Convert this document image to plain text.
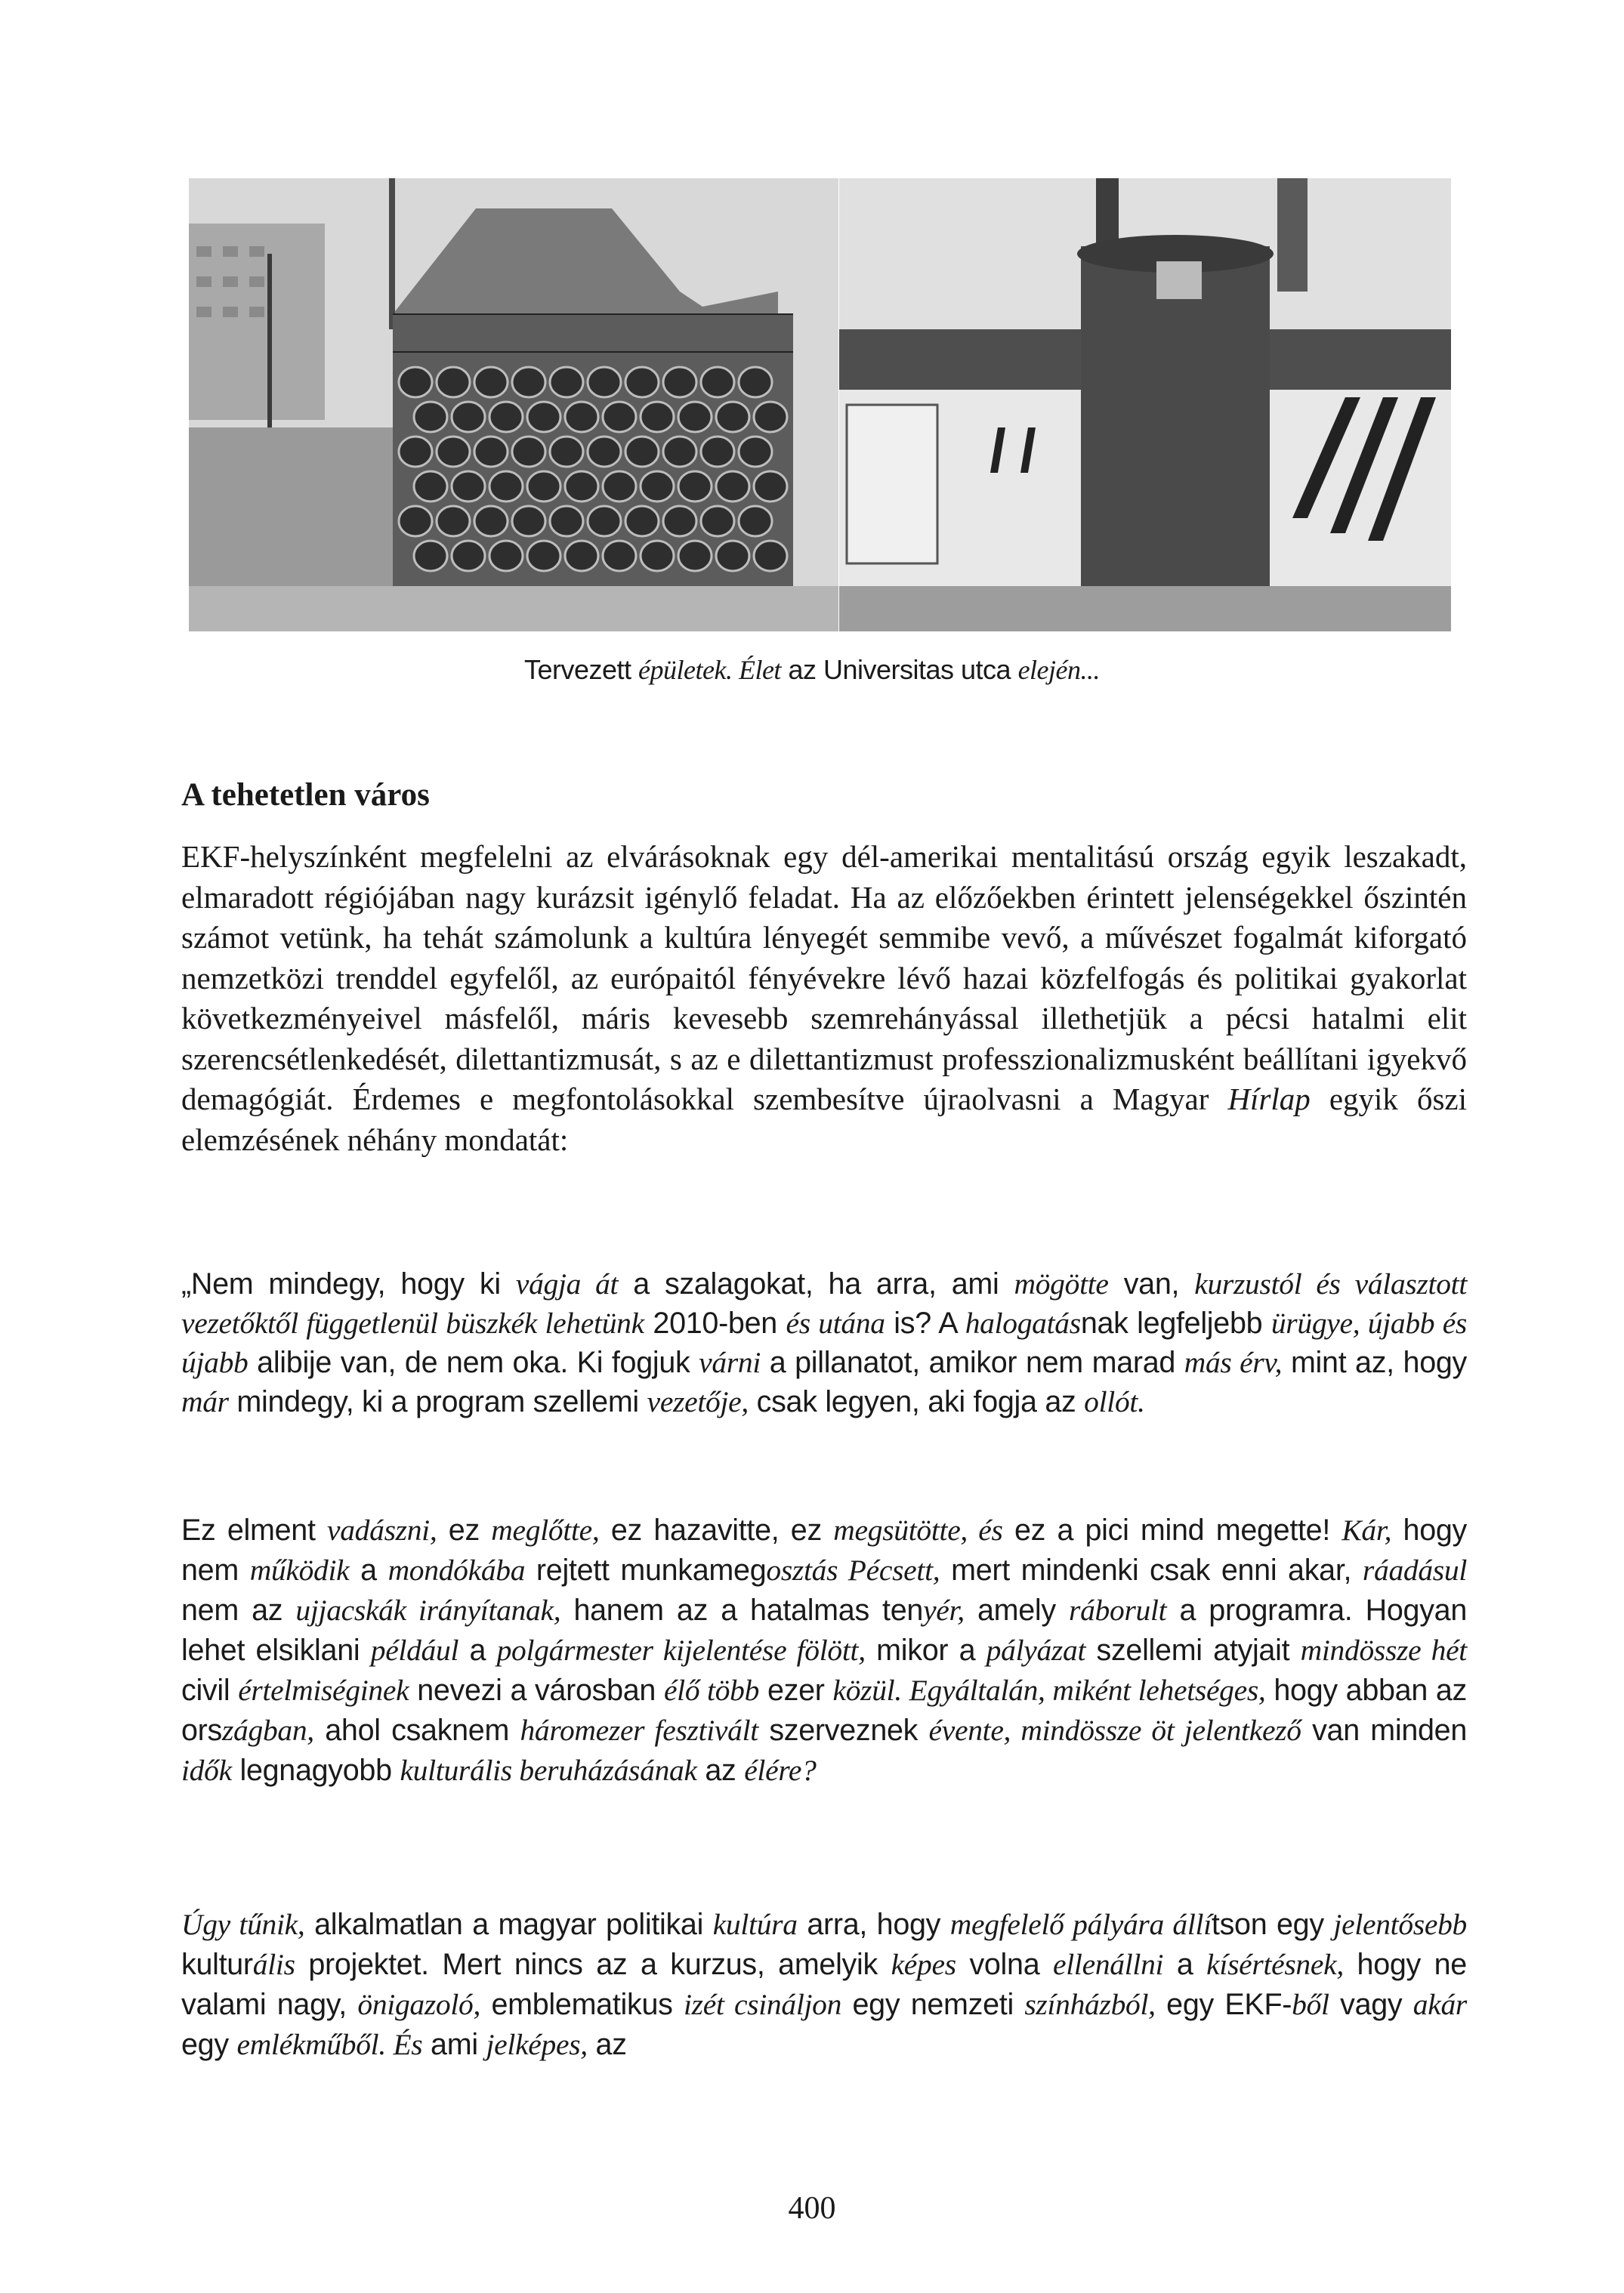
Tervezett épületek. Élet az Universitas utca elején...
A tehetetlen város
EKF-helyszínként megfelelni az elvárásoknak egy dél-amerikai mentalitású ország egyik leszakadt, elmaradott régiójában nagy kurázsit igénylő feladat. Ha az előzőekben érintett jelenségekkel őszintén számot vetünk, ha tehát számolunk a kultúra lényegét semmibe vevő, a művészet fogalmát kiforgató nemzetközi trenddel egyfelől, az európaitól fényévekre lévő hazai közfelfogás és politikai gyakorlat következményeivel másfelől, máris kevesebb szemrehányással illethetjük a pécsi hatalmi elit szerencsétlenkedését, dilettantizmusát, s az e dilettantizmust professzionalizmusként beállítani igyekvő demagógiát. Érdemes e megfontolásokkal szembesítve újraolvasni a Magyar Hírlap egyik őszi elemzésének néhány mondatát:
„Nem mindegy, hogy ki vágja át a szalagokat, ha arra, ami mögötte van, kurzustól és választott vezetőktől függetlenül büszkék lehetünk 2010-ben és utána is? A halogatásnak legfeljebb ürügye, újabb és újabb alibije van, de nem oka. Ki fogjuk várni a pillanatot, amikor nem marad más érv, mint az, hogy már mindegy, ki a program szellemi vezetője, csak legyen, aki fogja az ollót.
Ez elment vadászni, ez meglőtte, ez hazavitte, ez megsütötte, és ez a pici mind megette! Kár, hogy nem működik a mondókába rejtett munkamegosztás Pécsett, mert mindenki csak enni akar, ráadásul nem az ujjacskák irányítanak, hanem az a hatalmas tenyér, amely ráborult a programra. Hogyan lehet elsiklani például a polgármester kijelentése fölött, mikor a pályázat szellemi atyjait mindössze hét civil értelmiséginek nevezi a városban élő több ezer közül. Egyáltalán, miként lehetséges, hogy abban az országban, ahol csaknem háromezer fesztivált szerveznek évente, mindössze öt jelentkező van minden idők legnagyobb kulturális beruházásának az élére?
Úgy tűnik, alkalmatlan a magyar politikai kultúra arra, hogy megfelelő pályára állítson egy jelentősebb kulturális projektet. Mert nincs az a kurzus, amelyik képes volna ellenállni a kísértésnek, hogy ne valami nagy, önigazoló, emblematikus izét csináljon egy nemzeti színházból, egy EKF-ből vagy akár egy emlékműből. És ami jelképes, az
400
